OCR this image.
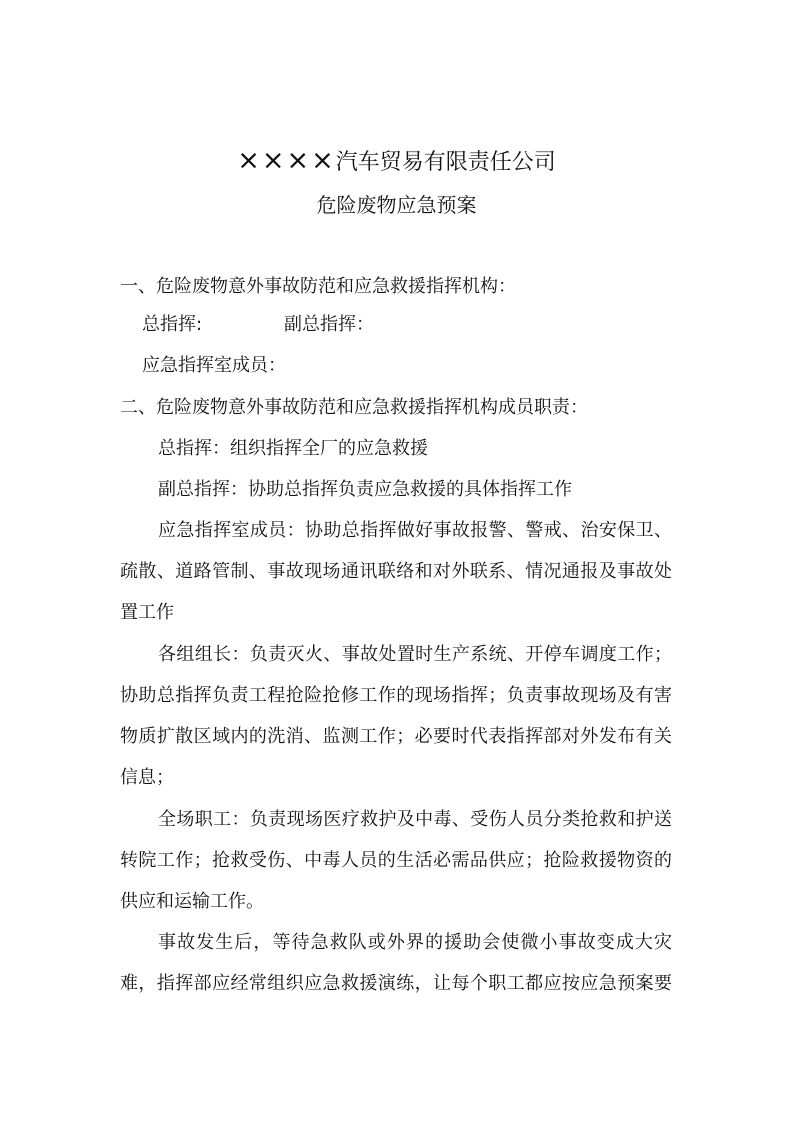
××××汽车贸易有限责任公司
危险废物应急预案
一、危险废物意外事故防范和应急救援指挥机构：
总指挥:	副总指挥：
应急指挥室成员：
二、危险废物意外事故防范和应急救援指挥机构成员职责：
总指挥：组织指挥全厂的应急救援
副总指挥：协助总指挥负责应急救援的具体指挥工作
应急指挥室成员：协助总指挥做好事故报警、警戒、治安保卫、
疏散、道路管制、事故现场通讯联络和对外联系、情况通报及事故处
置工作
各组组长：负责灭火、事故处置时生产系统、开停车调度工作；
协助总指挥负责工程抢险抢修工作的现场指挥；负责事故现场及有害
物质扩散区域内的洗消、监测工作；必要时代表指挥部对外发布有关
信息；
全场职工：负责现场医疗救护及中毒、受伤人员分类抢救和护送
转院工作；抢救受伤、中毒人员的生活必需品供应；抢险救援物资的
供应和运输工作。
事故发生后，等待急救队或外界的援助会使微小事故变成大灾
难，指挥部应经常组织应急救援演练，让每个职工都应按应急预案要
